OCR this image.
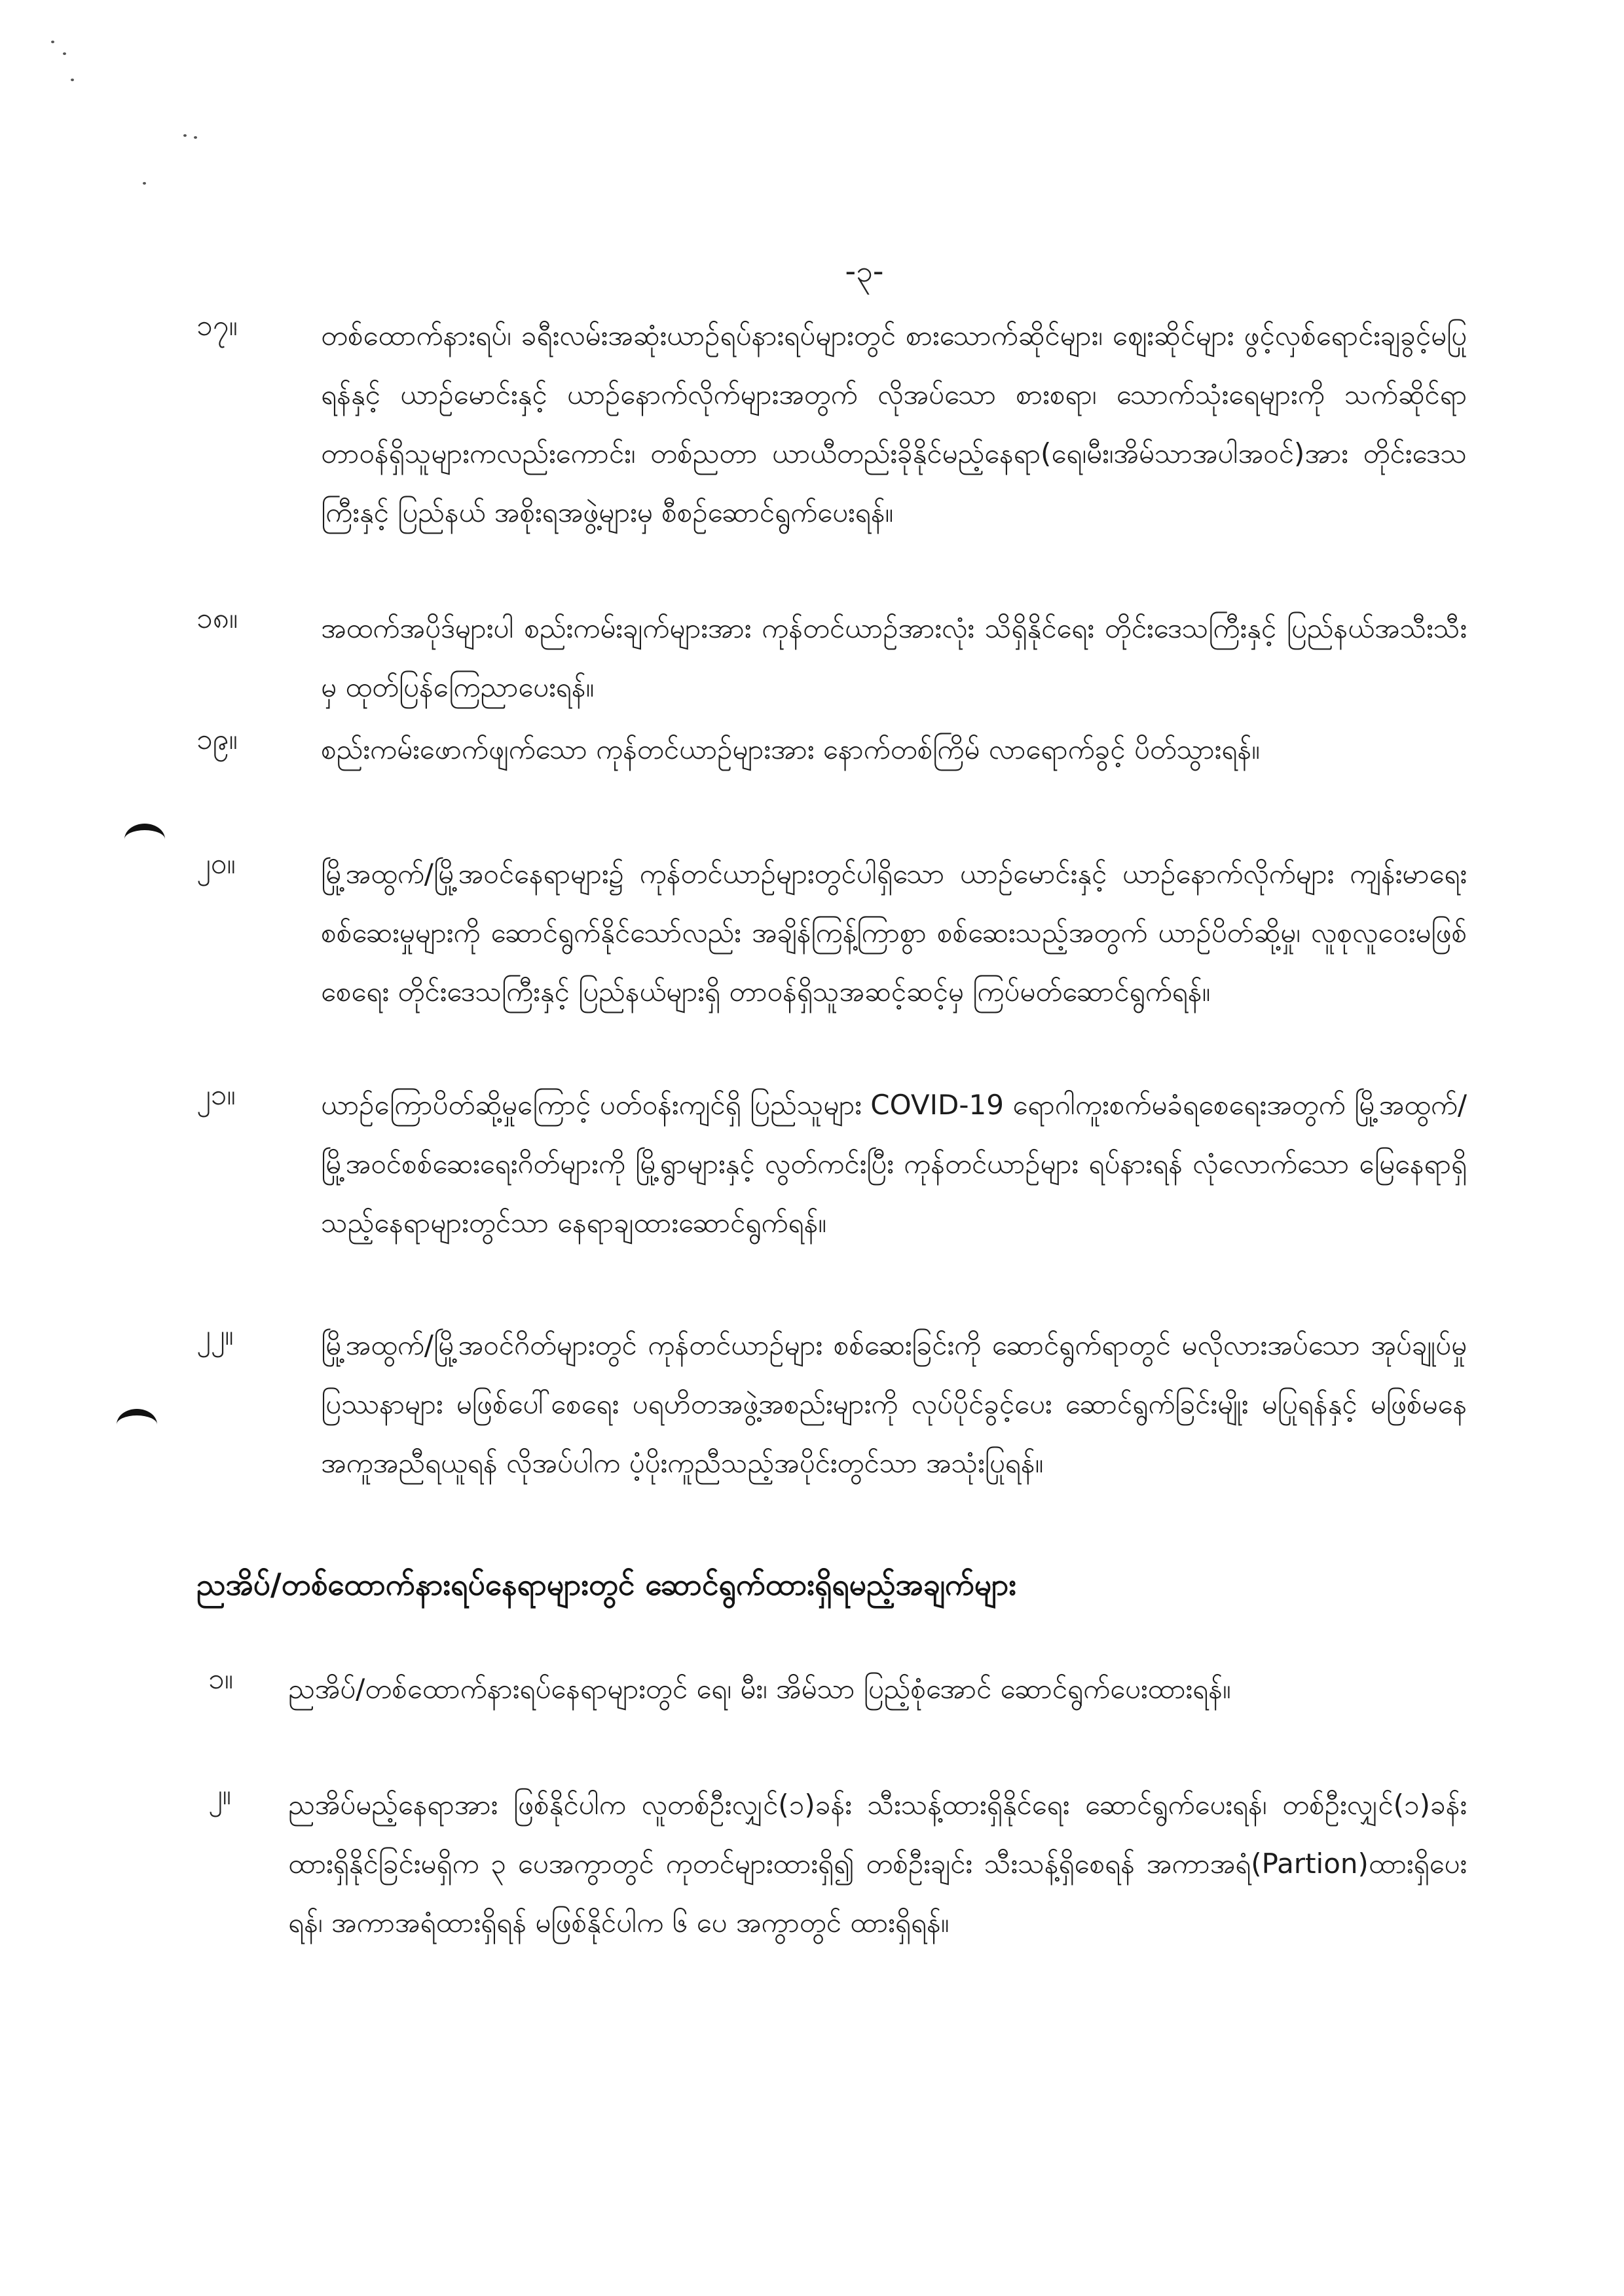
-၃-
၁၇။	တစ်ထောက်နားရပ်၊ ခရီးလမ်းအဆုံးယာဉ်ရပ်နားရပ်များတွင် စားသောက်ဆိုင်များ၊ ဈေးဆိုင်များ ဖွင့်လှစ်ရောင်းချခွင့်မပြုရန်နှင့် ယာဉ်မောင်းနှင့် ယာဉ်နောက်လိုက်များအတွက် လိုအပ်သော စားစရာ၊ သောက်သုံးရေများကို သက်ဆိုင်ရာ တာဝန်ရှိသူများကလည်းကောင်း၊ တစ်ညတာ ယာယီတည်းခိုနိုင်မည့်နေရာ(ရေ၊မီး၊အိမ်သာအပါအဝင်)အား တိုင်းဒေသကြီးနှင့် ပြည်နယ် အစိုးရအဖွဲ့များမှ စီစဉ်ဆောင်ရွက်ပေးရန်။
၁၈။	အထက်အပိုဒ်များပါ စည်းကမ်းချက်များအား ကုန်တင်ယာဉ်အားလုံး သိရှိနိုင်ရေး တိုင်းဒေသကြီးနှင့် ပြည်နယ်အသီးသီးမှ ထုတ်ပြန်ကြေညာပေးရန်။
၁၉။	စည်းကမ်းဖောက်ဖျက်သော ကုန်တင်ယာဉ်များအား နောက်တစ်ကြိမ် လာရောက်ခွင့် ပိတ်သွားရန်။
၂၀။	မြို့အထွက်/မြို့အဝင်နေရာများ၌ ကုန်တင်ယာဉ်များတွင်ပါရှိသော ယာဉ်မောင်းနှင့် ယာဉ်နောက်လိုက်များ ကျန်းမာရေးစစ်ဆေးမှုများကို ဆောင်ရွက်နိုင်သော်လည်း အချိန်ကြန့်ကြာစွာ စစ်ဆေးသည့်အတွက် ယာဉ်ပိတ်ဆို့မှု၊ လူစုလူဝေးမဖြစ်စေရေး တိုင်းဒေသကြီးနှင့် ပြည်နယ်များရှိ တာဝန်ရှိသူအဆင့်ဆင့်မှ ကြပ်မတ်ဆောင်ရွက်ရန်။
၂၁။	ယာဉ်ကြောပိတ်ဆို့မှုကြောင့် ပတ်ဝန်းကျင်ရှိ ပြည်သူများ COVID-19 ရောဂါကူးစက်မခံရစေရေးအတွက် မြို့အထွက်/မြို့အဝင်စစ်ဆေးရေးဂိတ်များကို မြို့ရွာများနှင့် လွတ်ကင်းပြီး ကုန်တင်ယာဉ်များ ရပ်နားရန် လုံလောက်သော မြေနေရာရှိသည့်နေရာများတွင်သာ နေရာချထားဆောင်ရွက်ရန်။
၂၂။	မြို့အထွက်/မြို့အဝင်ဂိတ်များတွင် ကုန်တင်ယာဉ်များ စစ်ဆေးခြင်းကို ဆောင်ရွက်ရာတွင် မလိုလားအပ်သော အုပ်ချုပ်မှုပြဿနာများ မဖြစ်ပေါ်စေရေး ပရဟိတအဖွဲ့အစည်းများကို လုပ်ပိုင်ခွင့်ပေး ဆောင်ရွက်ခြင်းမျိုး မပြုရန်နှင့် မဖြစ်မနေအကူအညီရယူရန် လိုအပ်ပါက ပံ့ပိုးကူညီသည့်အပိုင်းတွင်သာ အသုံးပြုရန်။
ညအိပ်/တစ်ထောက်နားရပ်နေရာများတွင် ဆောင်ရွက်ထားရှိရမည့်အချက်များ
၁။	ညအိပ်/တစ်ထောက်နားရပ်နေရာများတွင် ရေ၊ မီး၊ အိမ်သာ ပြည့်စုံအောင် ဆောင်ရွက်ပေးထားရန်။
၂။	ညအိပ်မည့်နေရာအား ဖြစ်နိုင်ပါက လူတစ်ဦးလျှင်(၁)ခန်း သီးသန့်ထားရှိနိုင်ရေး ဆောင်ရွက်ပေးရန်၊ တစ်ဦးလျှင်(၁)ခန်း ထားရှိနိုင်ခြင်းမရှိက ၃ ပေအကွာတွင် ကုတင်များထားရှိ၍ တစ်ဦးချင်း သီးသန့်ရှိစေရန် အကာအရံ(Partion)ထားရှိပေးရန်၊ အကာအရံထားရှိရန် မဖြစ်နိုင်ပါက ၆ ပေ အကွာတွင် ထားရှိရန်။
